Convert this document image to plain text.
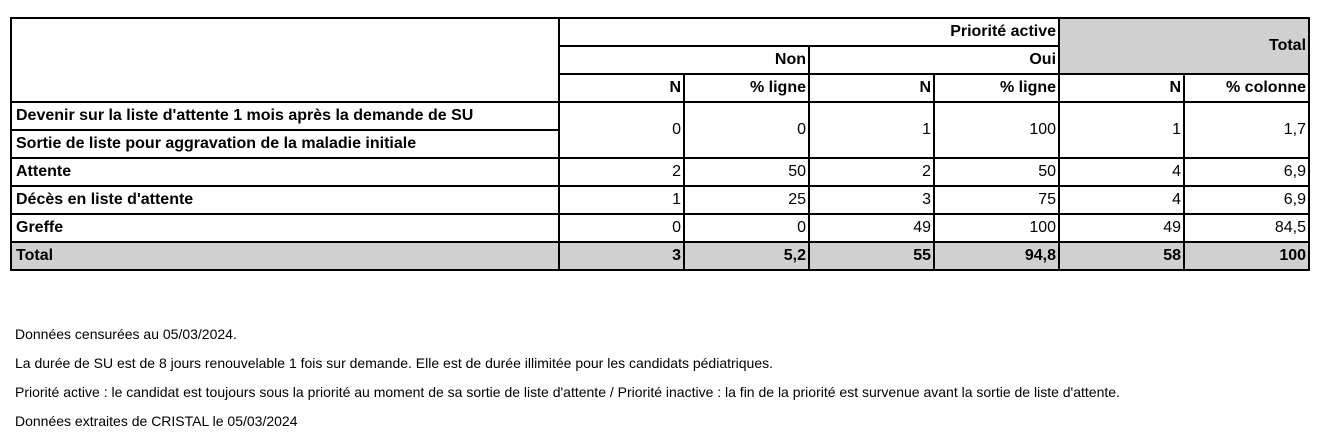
	Priorité active				Total	
	Non		Oui			
	N	% ligne	N	% ligne	N	% colonne
Devenir sur la liste d'attente 1 mois après la demande de SU	0	0	1	100	1	1,7
Sortie de liste pour aggravation de la maladie initiale						
Attente	2	50	2	50	4	6,9
Décès en liste d'attente	1	25	3	75	4	6,9
Greffe	0	0	49	100	49	84,5
Total	3	5,2	55	94,8	58	100
Données censurées au 05/03/2024.
La durée de SU est de 8 jours renouvelable 1 fois sur demande. Elle est de durée illimitée pour les candidats pédiatriques.
Priorité active : le candidat est toujours sous la priorité au moment de sa sortie de liste d'attente / Priorité inactive : la fin de la priorité est survenue avant la sortie de liste d'attente.
Données extraites de CRISTAL le 05/03/2024
